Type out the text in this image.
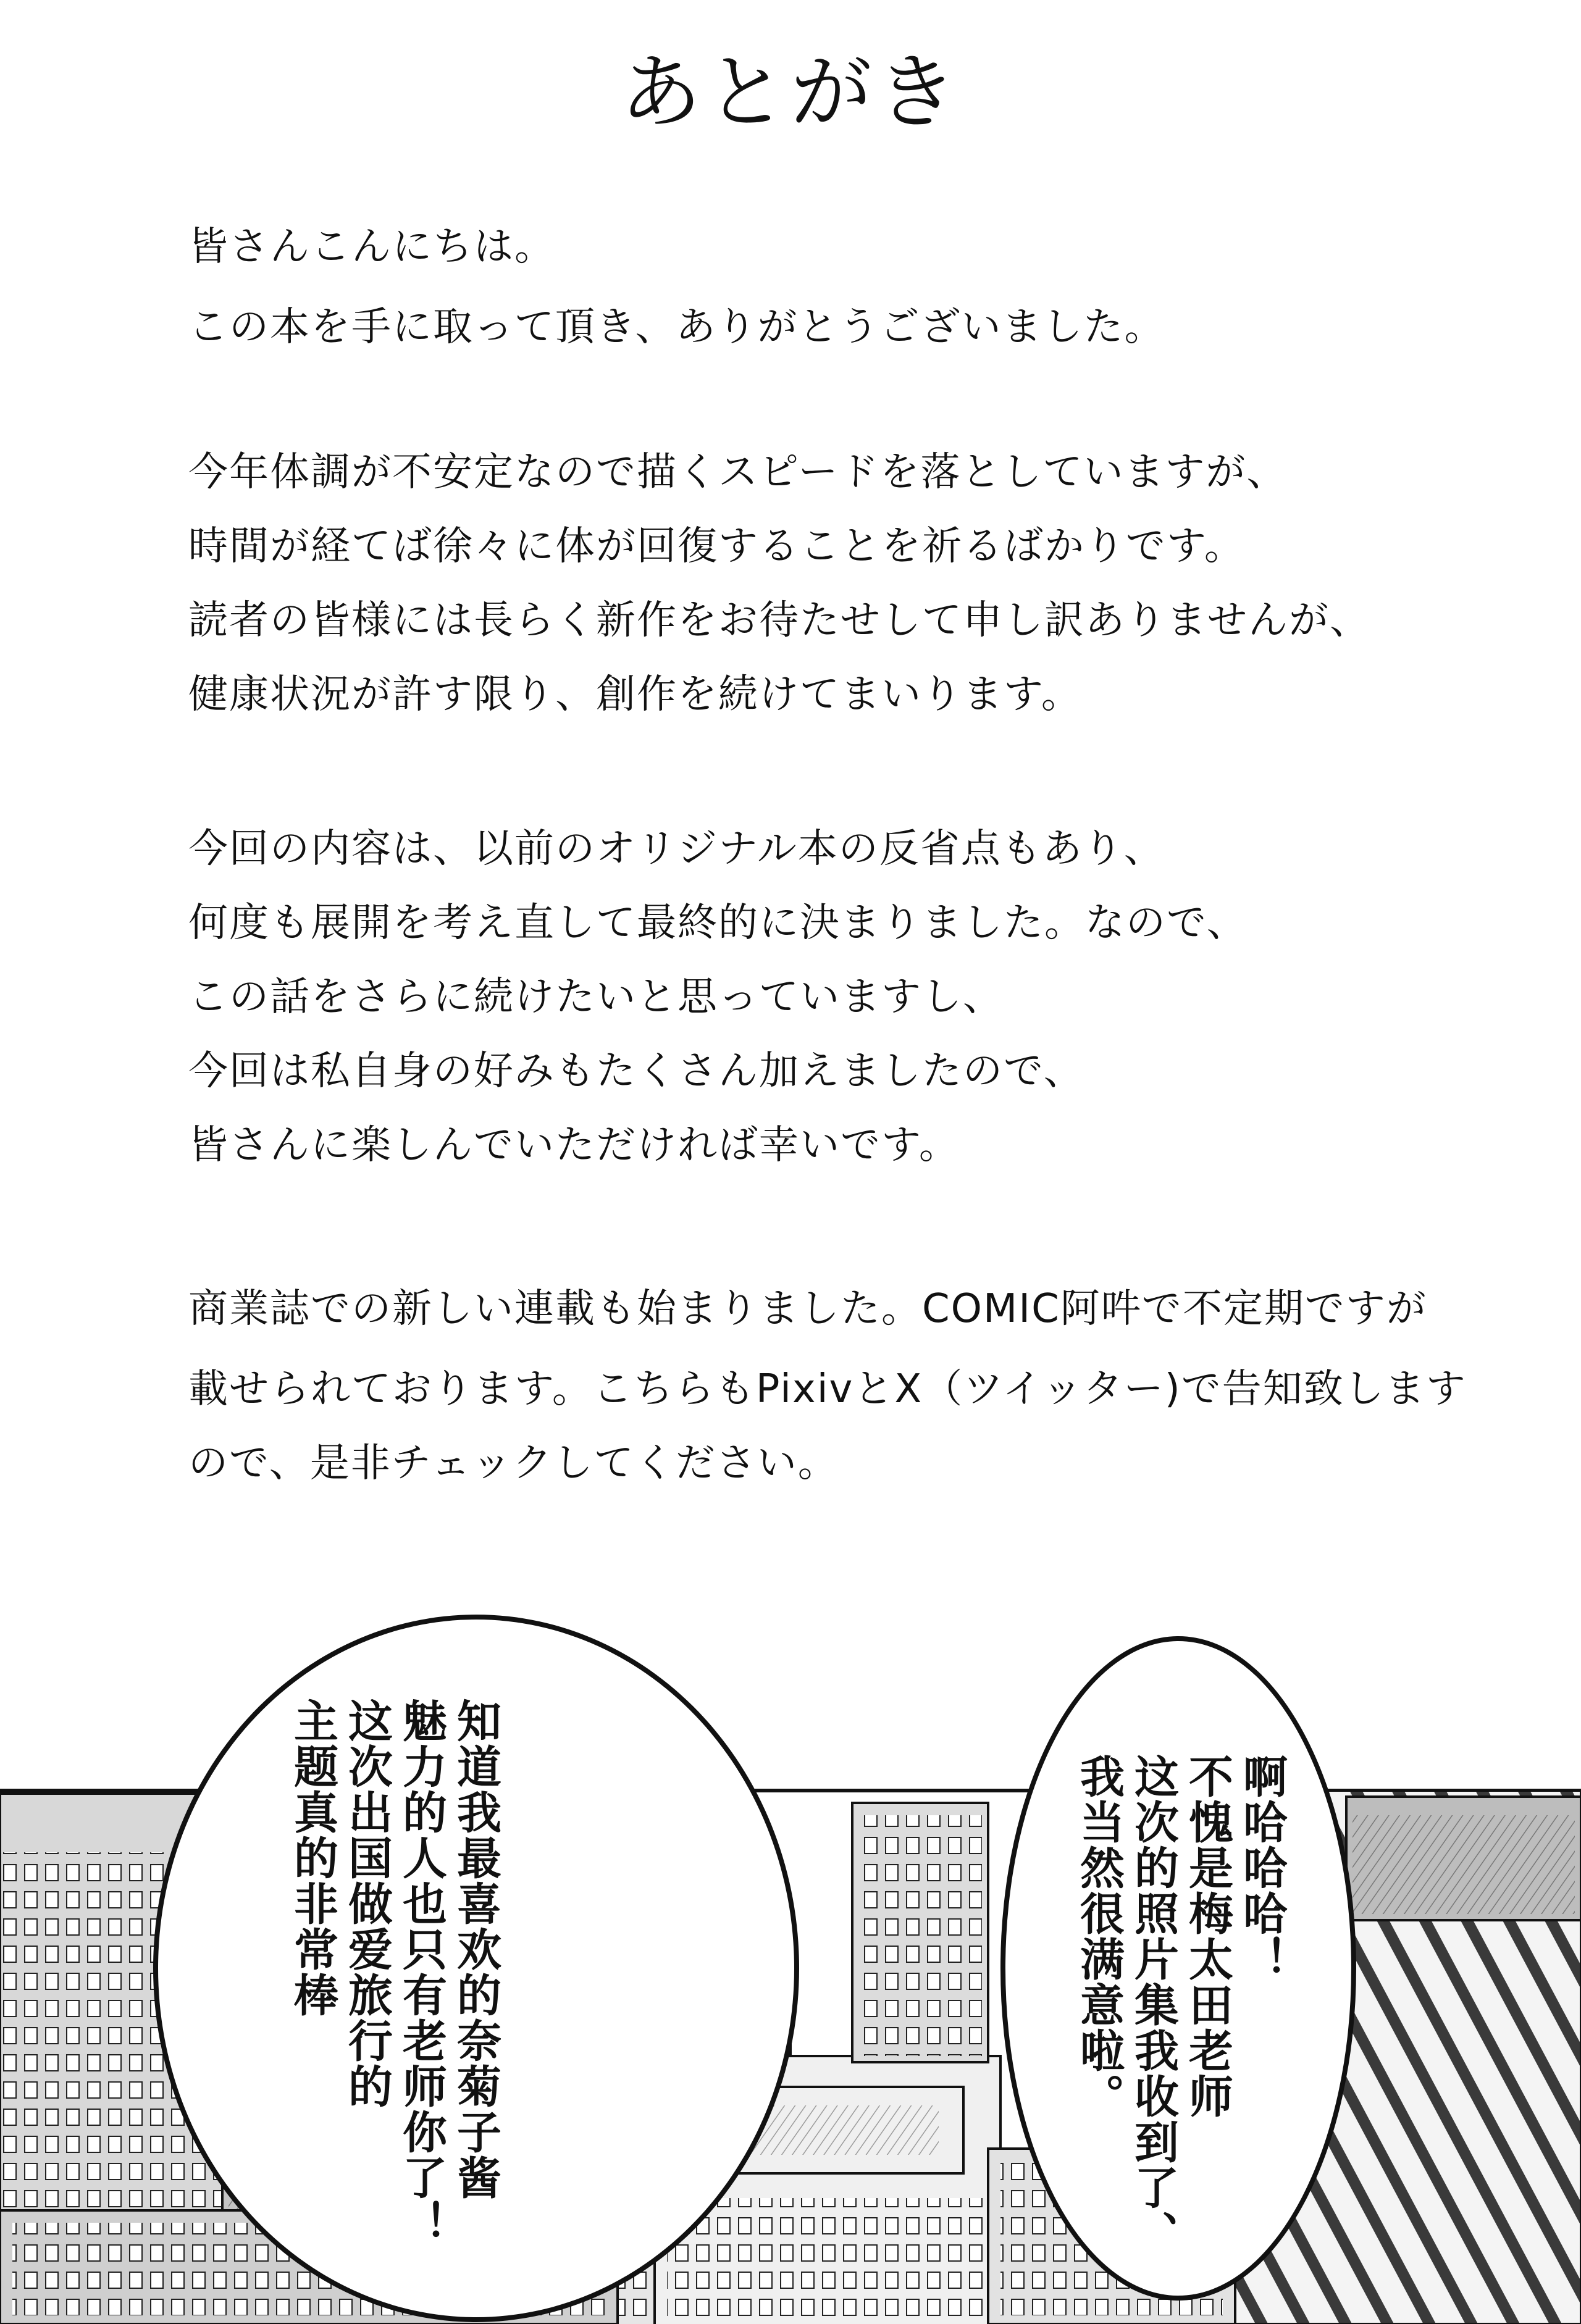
あとがき
皆さんこんにちは。
この本を手に取って頂き、ありがとうございました。
今年体調が不安定なので描くスピードを落としていますが、
時間が経てば徐々に体が回復することを祈るばかりです。
読者の皆様には長らく新作をお待たせして申し訳ありませんが、
健康状況が許す限り、創作を続けてまいります。
今回の内容は、以前のオリジナル本の反省点もあり、
何度も展開を考え直して最終的に決まりました。なので、
この話をさらに続けたいと思っていますし、
今回は私自身の好みもたくさん加えましたので、
皆さんに楽しんでいただければ幸いです。
商業誌での新しい連載も始まりました。COMIC阿吽で不定期ですが
載せられております。こちらもPixivとX（ツイッター)で告知致します
ので、是非チェックしてください。
知道我最喜欢的奈菊子酱
魅力的人也只有老师你了！
这次出国做爱旅行的
主题真的非常棒	啊哈哈哈！
不愧是梅太田老师
这次的照片集我收到了、
我当然很满意啦。
